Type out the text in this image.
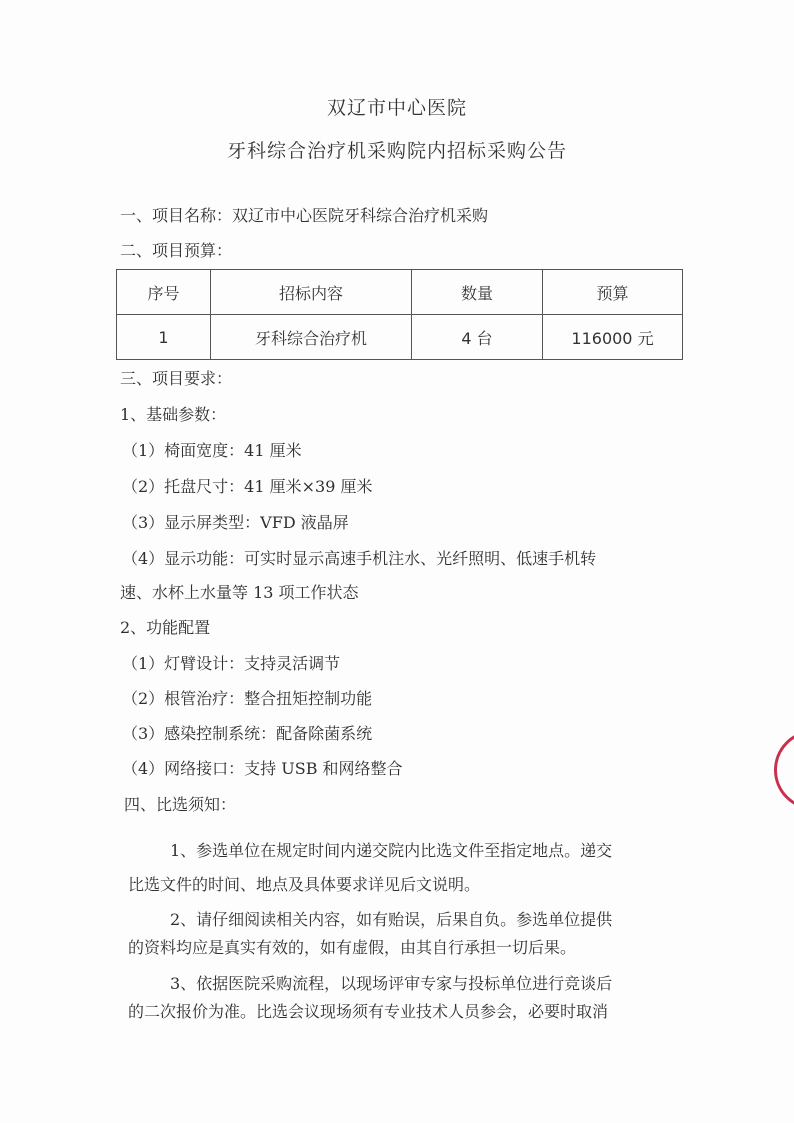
双辽市中心医院
牙科综合治疗机采购院内招标采购公告
一、项目名称：双辽市中心医院牙科综合治疗机采购
二、项目预算：
序号	招标内容	数量	预算
1	牙科综合治疗机	4 台	116000 元
三、项目要求：
1、基础参数：
（1）椅面宽度：41 厘米
（2）托盘尺寸：41 厘米×39 厘米
（3）显示屏类型：VFD 液晶屏
（4）显示功能：可实时显示高速手机注水、光纤照明、低速手机转
速、水杯上水量等 13 项工作状态
2、功能配置
（1）灯臂设计：支持灵活调节
（2）根管治疗：整合扭矩控制功能
（3）感染控制系统：配备除菌系统
（4）网络接口：支持 USB 和网络整合
四、比选须知：
1、参选单位在规定时间内递交院内比选文件至指定地点。递交
比选文件的时间、地点及具体要求详见后文说明。
2、请仔细阅读相关内容，如有贻误，后果自负。参选单位提供
的资料均应是真实有效的，如有虚假，由其自行承担一切后果。
3、依据医院采购流程，以现场评审专家与投标单位进行竞谈后
的二次报价为准。比选会议现场须有专业技术人员参会，必要时取消
